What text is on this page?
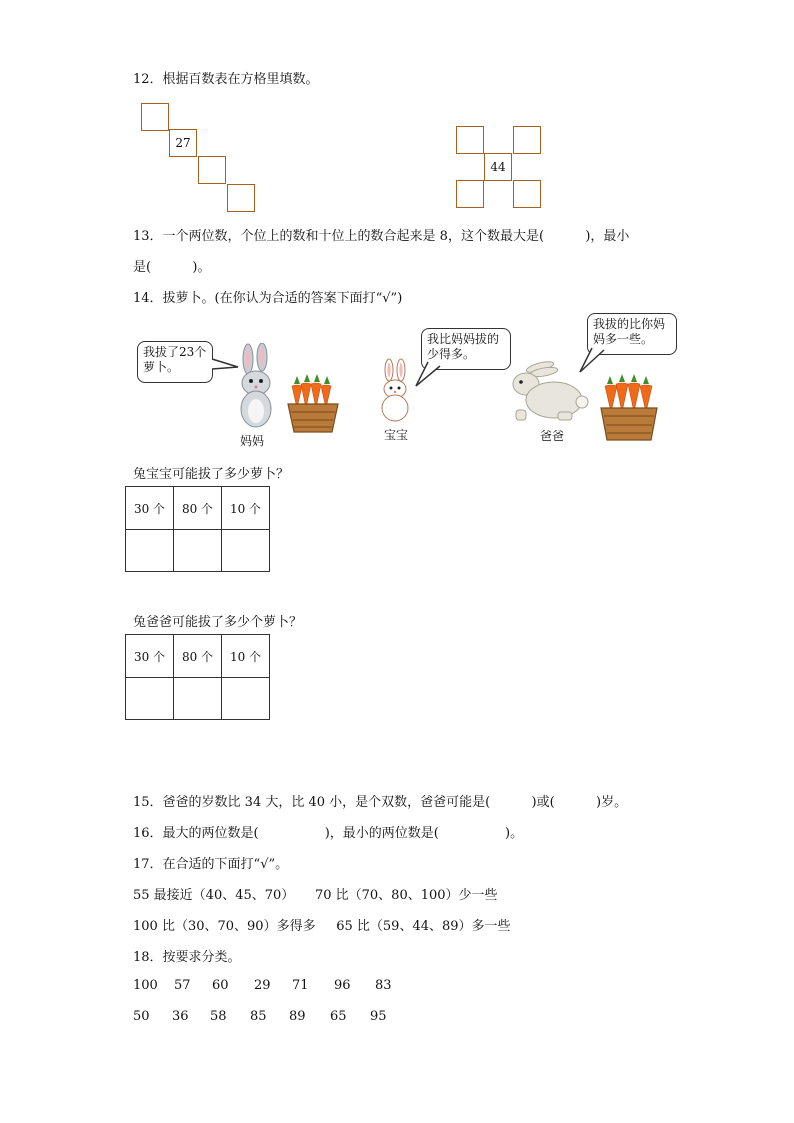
12．根据百数表在方格里填数。
27
44
13．一个两位数，个位上的数和十位上的数合起来是 8，这个数最大是(          )，最小
是(          )。
14．拔萝卜。(在你认为合适的答案下面打“√”)
我拔了23个
萝卜。
妈妈
我比妈妈拔的
少得多。
宝宝
我拔的比你妈
妈多一些。
爸爸
兔宝宝可能拔了多少萝卜？
30 个	80 个	10 个

兔爸爸可能拔了多少个萝卜？
30 个	80 个	10 个

15．爸爸的岁数比 34 大，比 40 小，是个双数，爸爸可能是(          )或(          )岁。
16．最大的两位数是(                )，最小的两位数是(                )。
17．在合适的下面打“√”。
55 最接近（40、45、70）     70 比（70、80、100）少一些
100 比（30、70、90）多得多     65 比（59、44、89）多一些
18．按要求分类。
100 57 60 29 71 96 83
50 36 58 85 89 65 95
